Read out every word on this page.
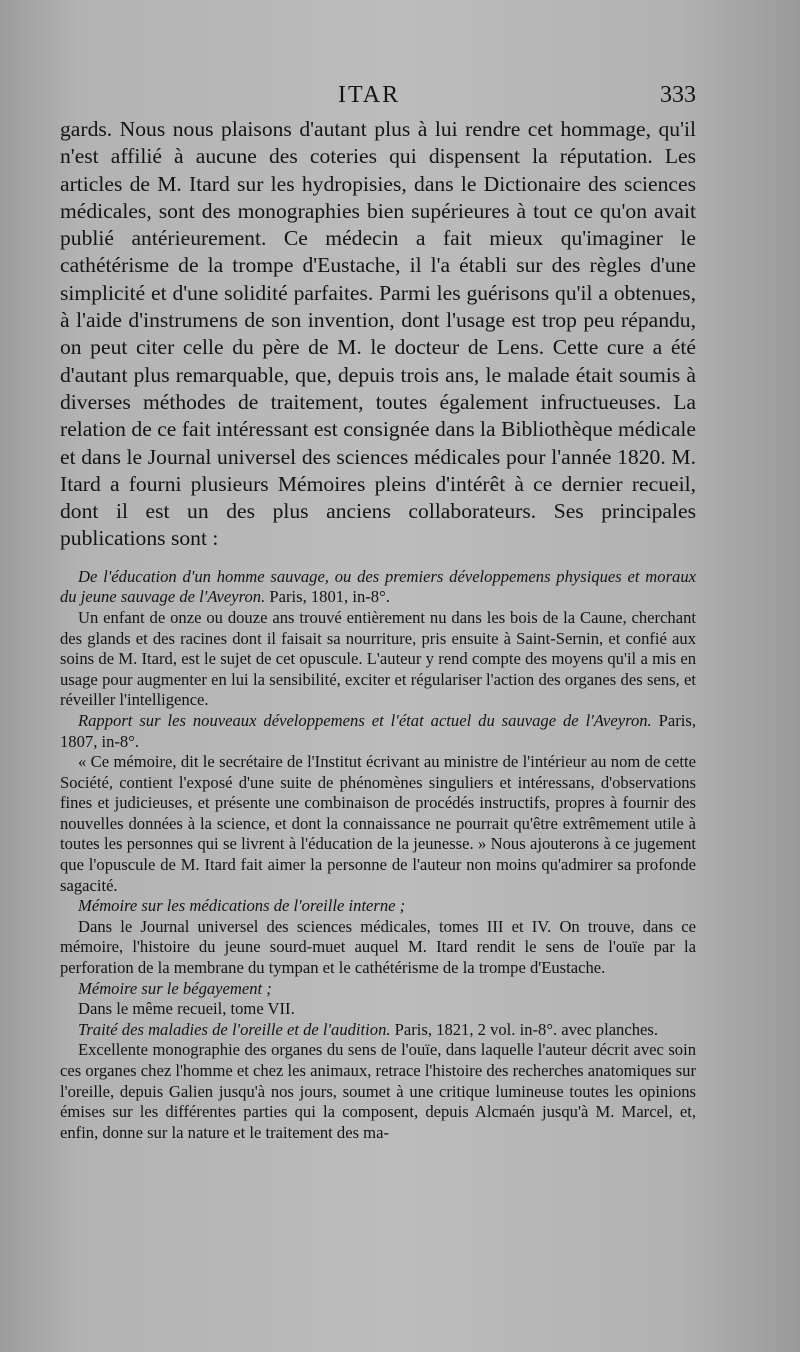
ITAR	333

gards. Nous nous plaisons d'autant plus à lui rendre cet hommage, qu'il n'est affilié à aucune des coteries qui dispensent la réputation. Les articles de M. Itard sur les hydropisies, dans le Dictionaire des sciences médicales, sont des monographies bien supérieures à tout ce qu'on avait publié antérieurement. Ce médecin a fait mieux qu'imaginer le cathétérisme de la trompe d'Eustache, il l'a établi sur des règles d'une simplicité et d'une solidité parfaites. Parmi les guérisons qu'il a obtenues, à l'aide d'instrumens de son invention, dont l'usage est trop peu répandu, on peut citer celle du père de M. le docteur de Lens. Cette cure a été d'autant plus remarquable, que, depuis trois ans, le malade était soumis à diverses méthodes de traitement, toutes également infructueuses. La relation de ce fait intéressant est consignée dans la Bibliothèque médicale et dans le Journal universel des sciences médicales pour l'année 1820. M. Itard a fourni plusieurs Mémoires pleins d'intérêt à ce dernier recueil, dont il est un des plus anciens collaborateurs. Ses principales publications sont :

De l'éducation d'un homme sauvage, ou des premiers développemens physiques et moraux du jeune sauvage de l'Aveyron. Paris, 1801, in-8°.

Un enfant de onze ou douze ans trouvé entièrement nu dans les bois de la Caune, cherchant des glands et des racines dont il faisait sa nourriture, pris ensuite à Saint-Sernin, et confié aux soins de M. Itard, est le sujet de cet opuscule. L'auteur y rend compte des moyens qu'il a mis en usage pour augmenter en lui la sensibilité, exciter et régulariser l'action des organes des sens, et réveiller l'intelligence.

Rapport sur les nouveaux développemens et l'état actuel du sauvage de l'Aveyron. Paris, 1807, in-8°.

« Ce mémoire, dit le secrétaire de l'Institut écrivant au ministre de l'intérieur au nom de cette Société, contient l'exposé d'une suite de phénomènes singuliers et intéressans, d'observations fines et judicieuses, et présente une combinaison de procédés instructifs, propres à fournir des nouvelles données à la science, et dont la connaissance ne pourrait qu'être extrêmement utile à toutes les personnes qui se livrent à l'éducation de la jeunesse. » Nous ajouterons à ce jugement que l'opuscule de M. Itard fait aimer la personne de l'auteur non moins qu'admirer sa profonde sagacité.

Mémoire sur les médications de l'oreille interne ;

Dans le Journal universel des sciences médicales, tomes III et IV. On trouve, dans ce mémoire, l'histoire du jeune sourd-muet auquel M. Itard rendit le sens de l'ouïe par la perforation de la membrane du tympan et le cathétérisme de la trompe d'Eustache.

Mémoire sur le bégayement ;

Dans le même recueil, tome VII.

Traité des maladies de l'oreille et de l'audition. Paris, 1821, 2 vol. in-8°. avec planches.

Excellente monographie des organes du sens de l'ouïe, dans laquelle l'auteur décrit avec soin ces organes chez l'homme et chez les animaux, retrace l'histoire des recherches anatomiques sur l'oreille, depuis Galien jusqu'à nos jours, soumet à une critique lumineuse toutes les opinions émises sur les différentes parties qui la composent, depuis Alcmaén jusqu'à M. Marcel, et, enfin, donne sur la nature et le traitement des ma-
